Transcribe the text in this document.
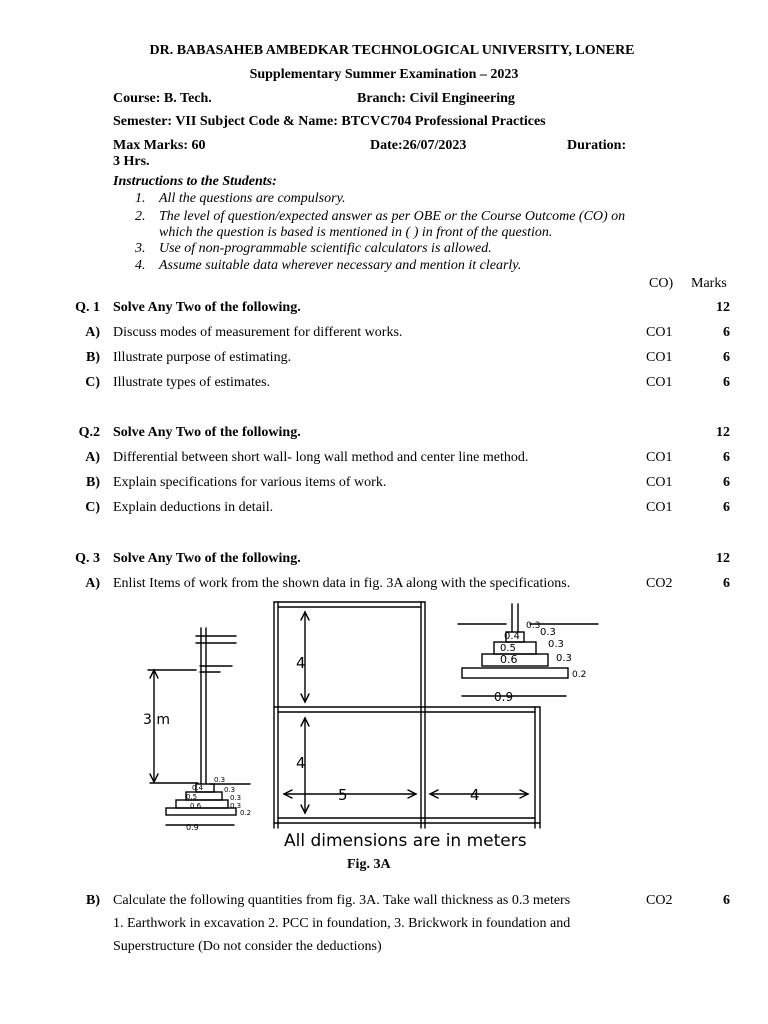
DR. BABASAHEB AMBEDKAR TECHNOLOGICAL UNIVERSITY, LONERE
Supplementary Summer Examination – 2023
Course: B. Tech.	Branch: Civil Engineering
Semester: VII Subject Code & Name: BTCVC704 Professional Practices
Max Marks: 60	Date:26/07/2023	Duration:
3 Hrs.
Instructions to the Students:
1. All the questions are compulsory.
2. The level of question/expected answer as per OBE or the Course Outcome (CO) on
which the question is based is mentioned in ( ) in front of the question.
3. Use of non-programmable scientific calculators is allowed.
4. Assume suitable data wherever necessary and mention it clearly.
CO) Marks
Q. 1 Solve Any Two of the following.	12
A) Discuss modes of measurement for different works.	CO1	6
B) Illustrate purpose of estimating.	CO1	6
C) Illustrate types of estimates.	CO1	6
Q.2 Solve Any Two of the following.	12
A) Differential between short wall- long wall method and center line method.	CO1	6
B) Explain specifications for various items of work.	CO1	6
C) Explain deductions in detail.	CO1	6
Q. 3 Solve Any Two of the following.	12
A) Enlist Items of work from the shown data in fig. 3A along with the specifications.	CO2	6
3 m
0.3
0.4	0.3
0.5	0.3
0.6	0.3
0.2
0.9
4
4
5	4
All dimensions are in meters
0.3
0.4 0.3
0.5	0.3
0.6	0.3
0.2
0.9
Fig. 3A
B) Calculate the following quantities from fig. 3A. Take wall thickness as 0.3 meters
1. Earthwork in excavation 2. PCC in foundation, 3. Brickwork in foundation and
Superstructure (Do not consider the deductions)
CO2	6
